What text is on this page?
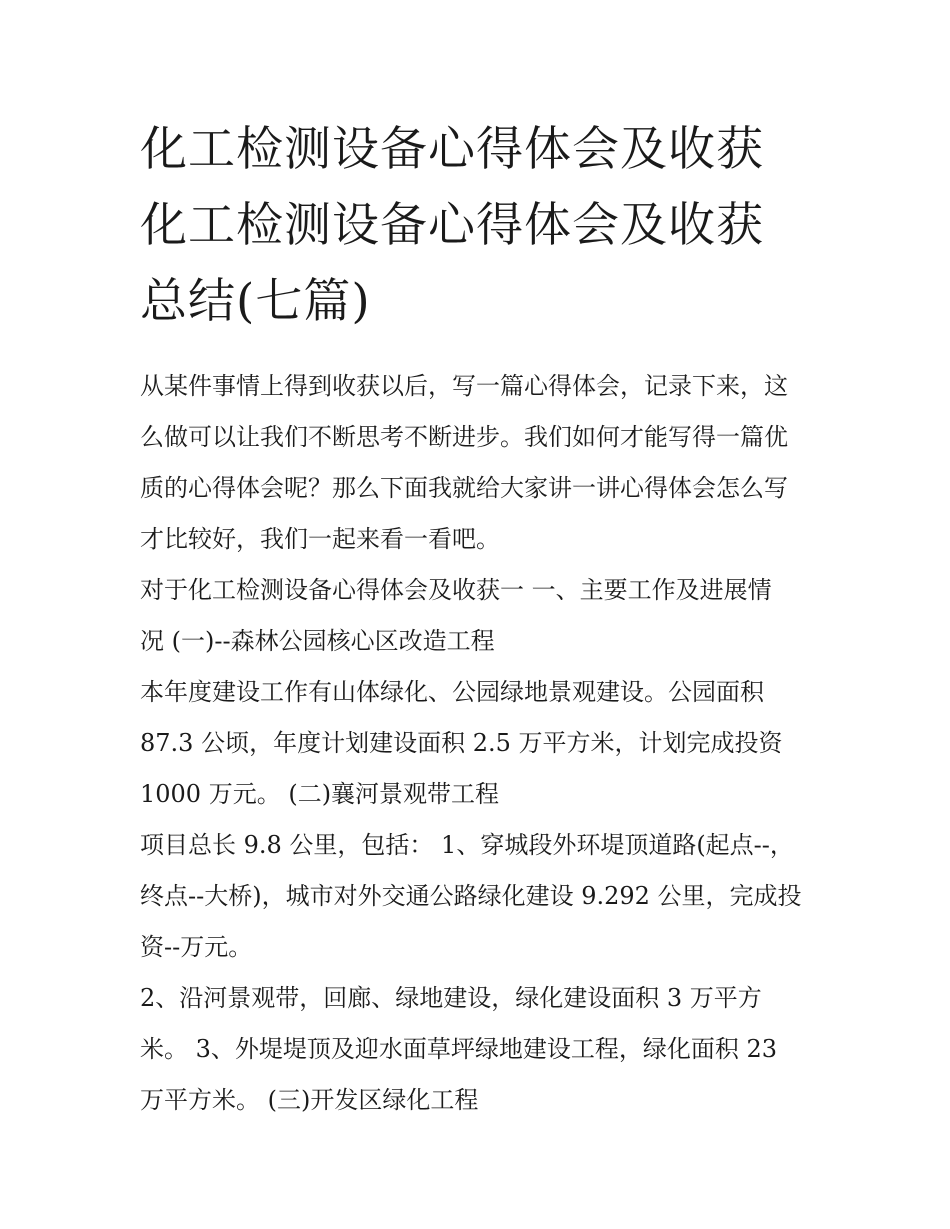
化工检测设备心得体会及收获
化工检测设备心得体会及收获
总结(七篇)
从某件事情上得到收获以后，写一篇心得体会，记录下来，这
么做可以让我们不断思考不断进步。我们如何才能写得一篇优
质的心得体会呢？那么下面我就给大家讲一讲心得体会怎么写
才比较好，我们一起来看一看吧。
对于化工检测设备心得体会及收获一 一、主要工作及进展情
况 (一)--森林公园核心区改造工程
本年度建设工作有山体绿化、公园绿地景观建设。公园面积
87.3 公顷，年度计划建设面积 2.5 万平方米，计划完成投资
1000 万元。 (二)襄河景观带工程
项目总长 9.8 公里，包括： 1、穿城段外环堤顶道路(起点--，
终点--大桥)，城市对外交通公路绿化建设 9.292 公里，完成投
资--万元。
2、沿河景观带，回廊、绿地建设，绿化建设面积 3 万平方
米。 3、外堤堤顶及迎水面草坪绿地建设工程，绿化面积 23
万平方米。 (三)开发区绿化工程
